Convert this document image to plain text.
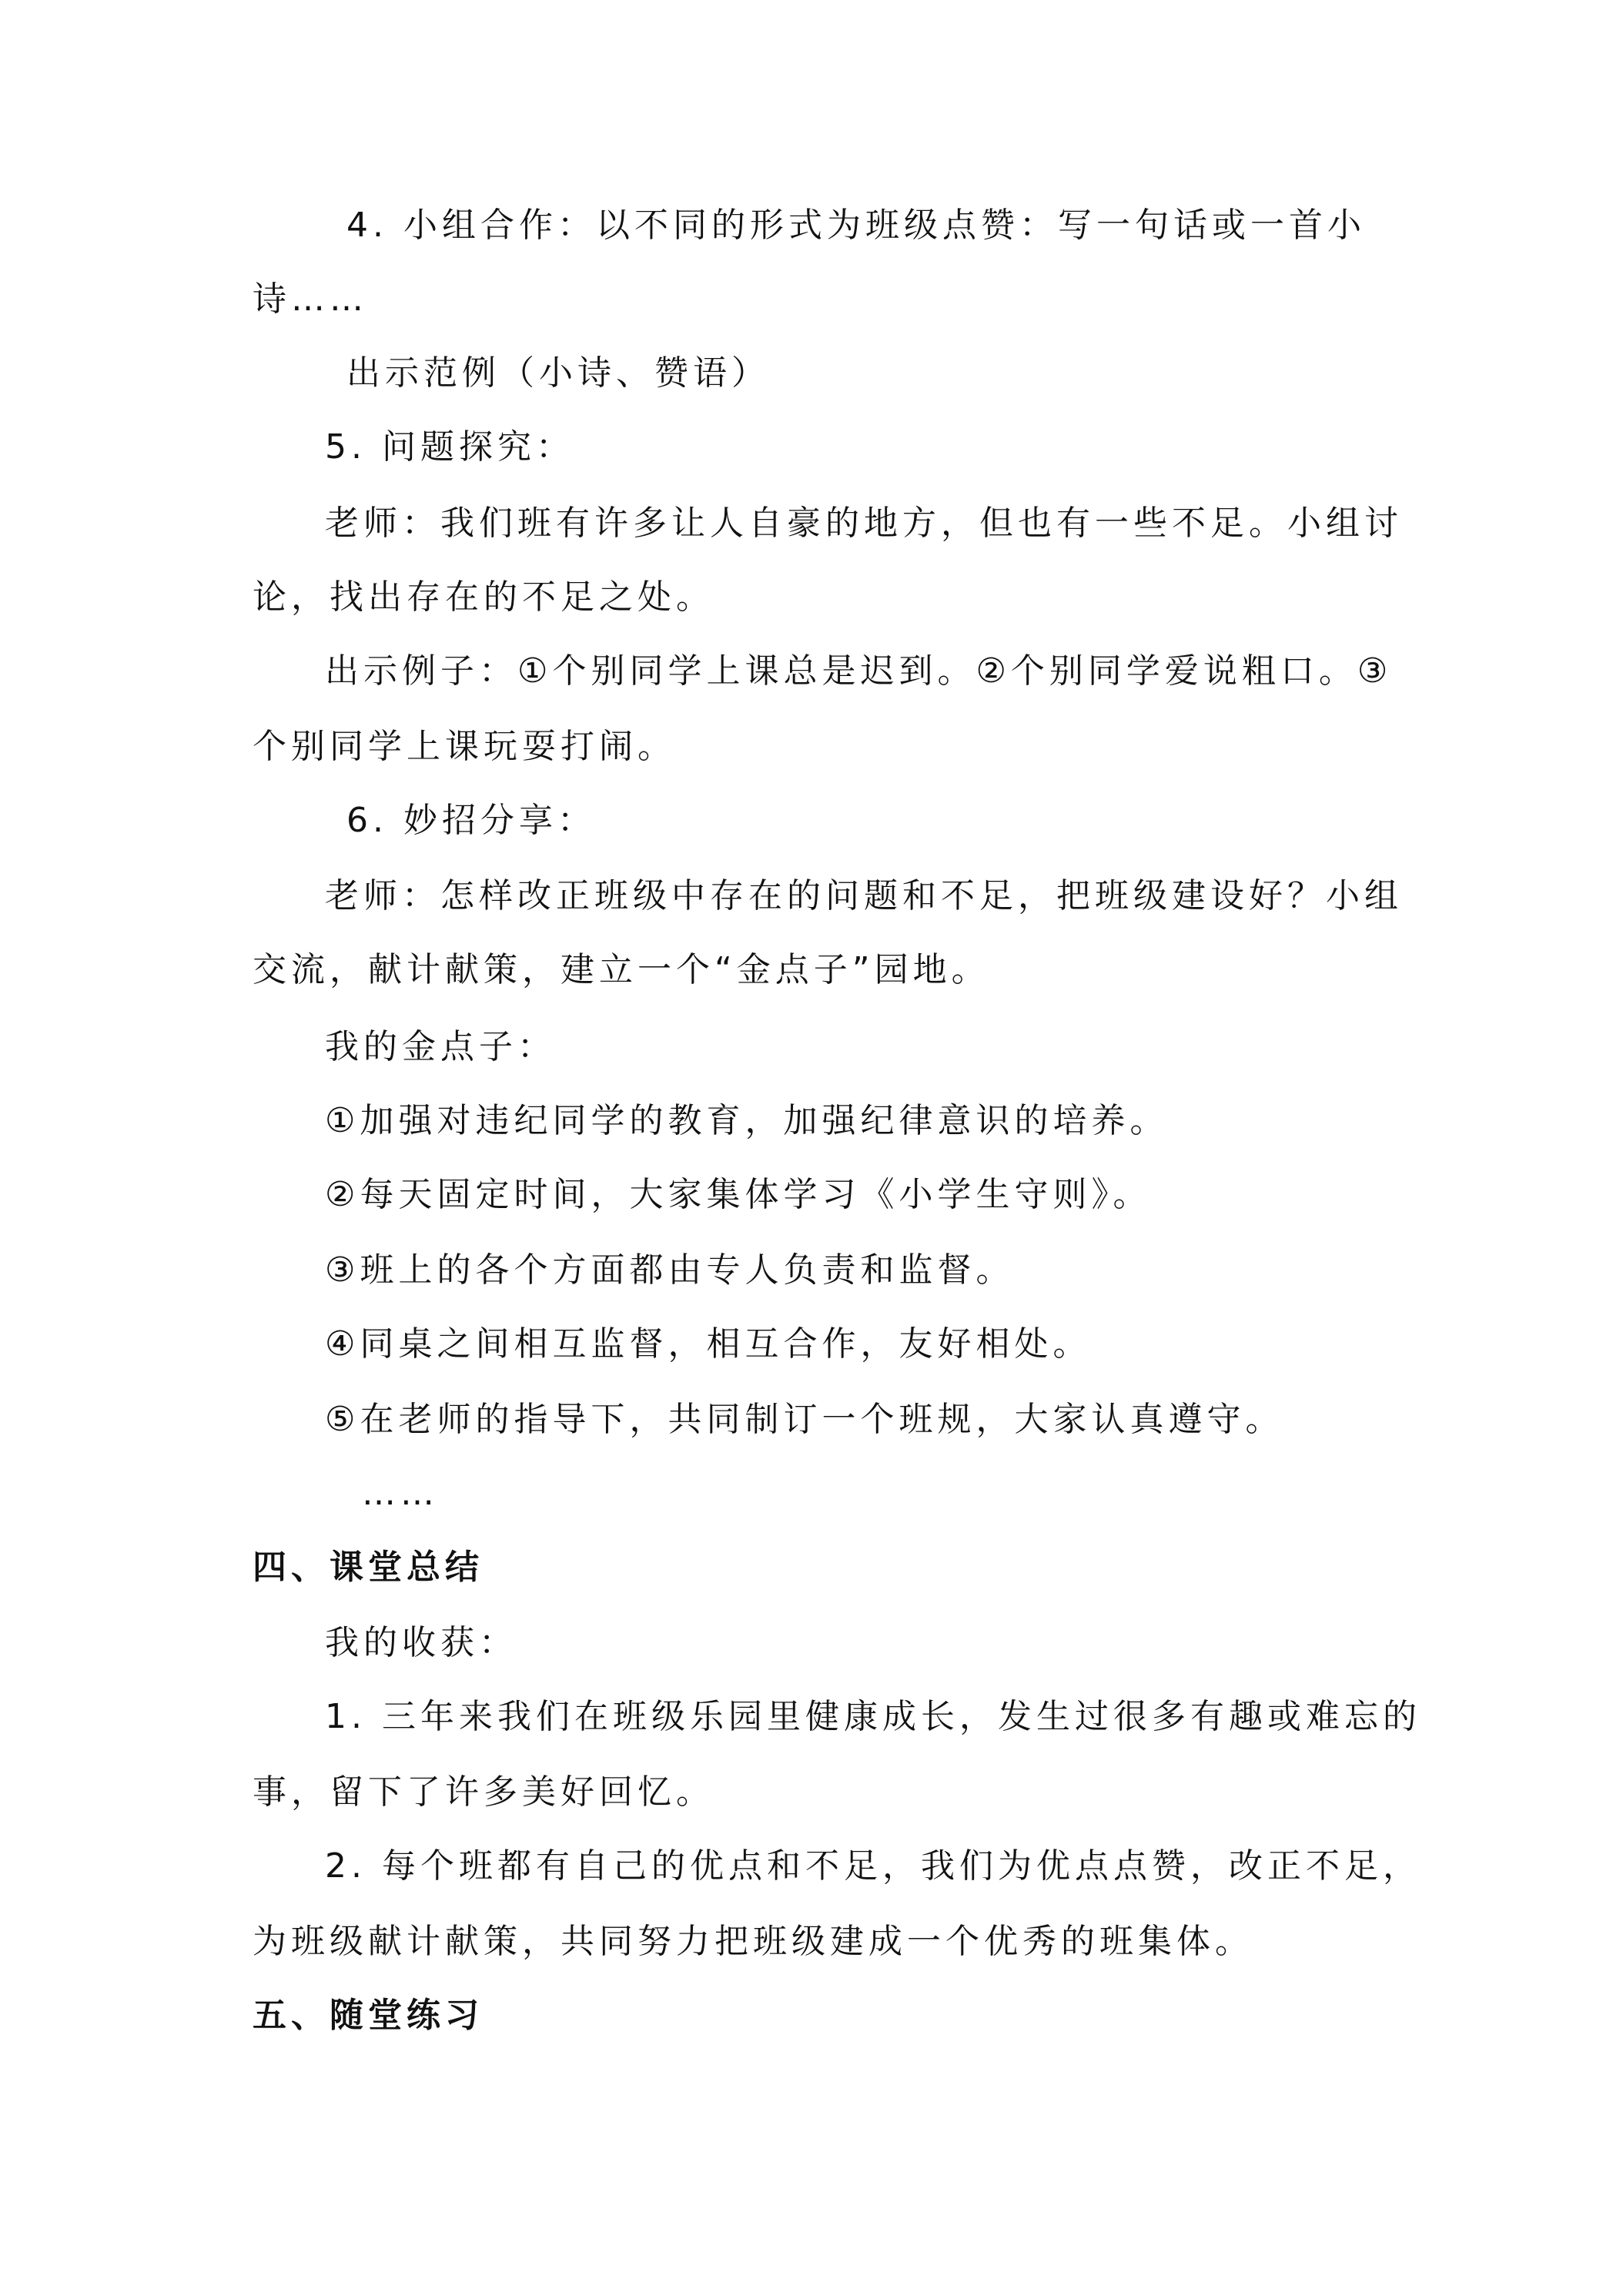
4. 小组合作：以不同的形式为班级点赞：写一句话或一首小
诗……
出示范例（小诗、赞语）
5. 问题探究：
老师：我们班有许多让人自豪的地方，但也有一些不足。小组讨
论，找出存在的不足之处。
出示例子：①个别同学上课总是迟到。②个别同学爱说粗口。③
个别同学上课玩耍打闹。
6. 妙招分享：
老师：怎样改正班级中存在的问题和不足，把班级建设好？小组
交流，献计献策，建立一个“金点子”园地。
我的金点子：
①加强对违纪同学的教育，加强纪律意识的培养。
②每天固定时间，大家集体学习《小学生守则》。
③班上的各个方面都由专人负责和监督。
④同桌之间相互监督，相互合作，友好相处。
⑤在老师的指导下，共同制订一个班规，大家认真遵守。
……
四、课堂总结
我的收获：
1. 三年来我们在班级乐园里健康成长，发生过很多有趣或难忘的
事，留下了许多美好回忆。
2. 每个班都有自己的优点和不足，我们为优点点赞，改正不足，
为班级献计献策，共同努力把班级建成一个优秀的班集体。
五、随堂练习
